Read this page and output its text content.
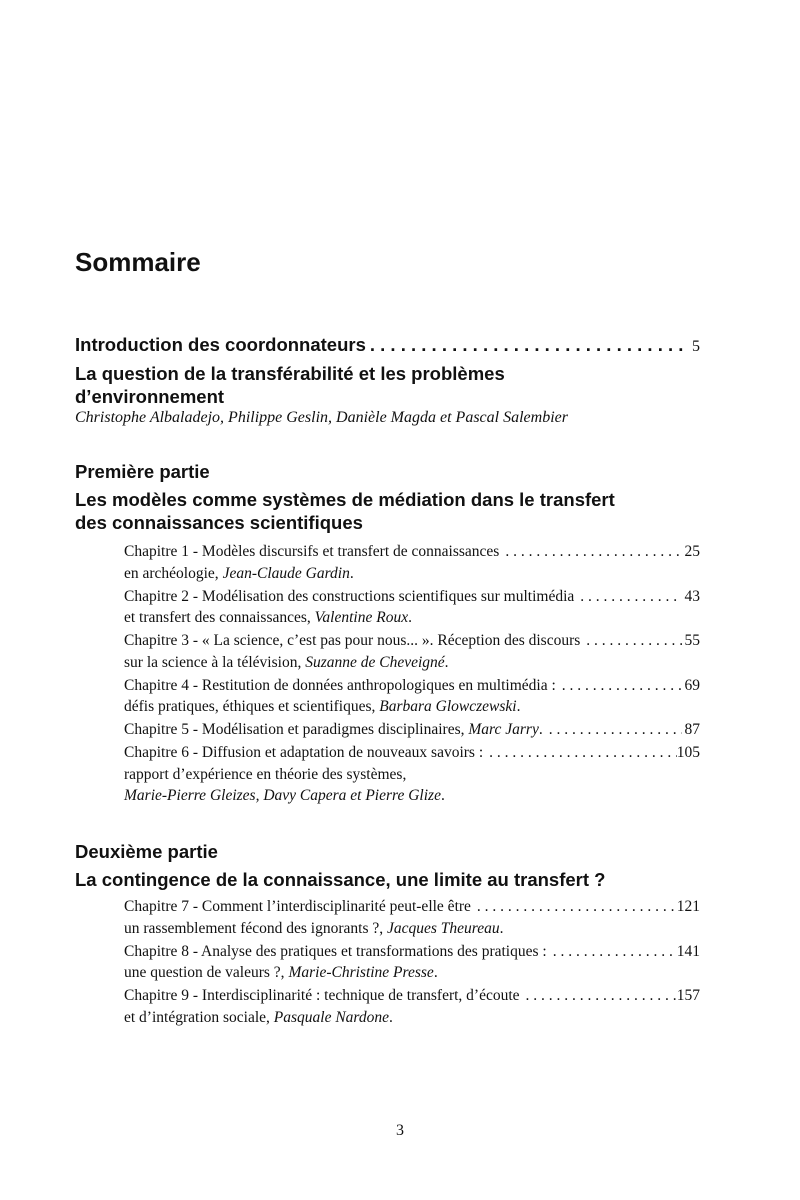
Sommaire
Introduction des coordonnateurs . . .	5
La question de la transférabilité et les problèmes
d’environnement
Christophe Albaladejo, Philippe Geslin, Danièle Magda et Pascal Salembier
Première partie
Les modèles comme systèmes de médiation dans le transfert
des connaissances scientifiques
Chapitre 1 - Modèles discursifs et transfert de connaissances . . .	25
en archéologie, Jean-Claude Gardin.
Chapitre 2 - Modélisation des constructions scientifiques sur multimédia . . .	43
et transfert des connaissances, Valentine Roux.
Chapitre 3 - « La science, c’est pas pour nous... ». Réception des discours . . .	55
sur la science à la télévision, Suzanne de Cheveigné.
Chapitre 4 - Restitution de données anthropologiques en multimédia : . . .	69
défis pratiques, éthiques et scientifiques, Barbara Glowczewski.
Chapitre 5 - Modélisation et paradigmes disciplinaires, Marc Jarry. . . .	87
Chapitre 6 - Diffusion et adaptation de nouveaux savoirs : . . .	105
rapport d’expérience en théorie des systèmes,
Marie-Pierre Gleizes, Davy Capera et Pierre Glize.
Deuxième partie
La contingence de la connaissance, une limite au transfert ?
Chapitre 7 - Comment l’interdisciplinarité peut-elle être . . .	121
un rassemblement fécond des ignorants ?, Jacques Theureau.
Chapitre 8 - Analyse des pratiques et transformations des pratiques : . . .	141
une question de valeurs ?, Marie-Christine Presse.
Chapitre 9 - Interdisciplinarité : technique de transfert, d’écoute . . .	157
et d’intégration sociale, Pasquale Nardone.
3
